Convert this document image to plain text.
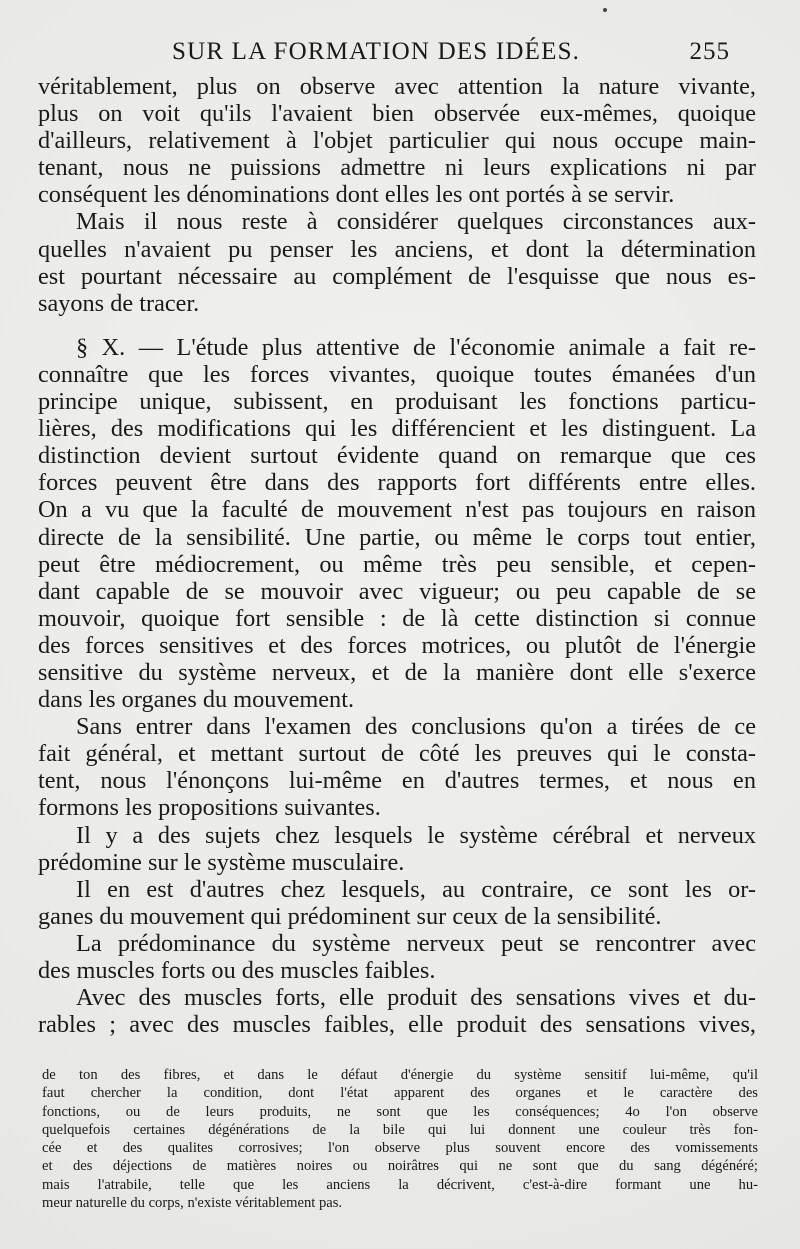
SUR LA FORMATION DES IDÉES.	255
véritablement, plus on observe avec attention la nature vivante,
plus on voit qu'ils l'avaient bien observée eux-mêmes, quoique
d'ailleurs, relativement à l'objet particulier qui nous occupe main-
tenant, nous ne puissions admettre ni leurs explications ni par
conséquent les dénominations dont elles les ont portés à se servir.
Mais il nous reste à considérer quelques circonstances aux-
quelles n'avaient pu penser les anciens, et dont la détermination
est pourtant nécessaire au complément de l'esquisse que nous es-
sayons de tracer.
§ X. — L'étude plus attentive de l'économie animale a fait re-
connaître que les forces vivantes, quoique toutes émanées d'un
principe unique, subissent, en produisant les fonctions particu-
lières, des modifications qui les différencient et les distinguent. La
distinction devient surtout évidente quand on remarque que ces
forces peuvent être dans des rapports fort différents entre elles.
On a vu que la faculté de mouvement n'est pas toujours en raison
directe de la sensibilité. Une partie, ou même le corps tout entier,
peut être médiocrement, ou même très peu sensible, et cepen-
dant capable de se mouvoir avec vigueur; ou peu capable de se
mouvoir, quoique fort sensible : de là cette distinction si connue
des forces sensitives et des forces motrices, ou plutôt de l'énergie
sensitive du système nerveux, et de la manière dont elle s'exerce
dans les organes du mouvement.
Sans entrer dans l'examen des conclusions qu'on a tirées de ce
fait général, et mettant surtout de côté les preuves qui le consta-
tent, nous l'énonçons lui-même en d'autres termes, et nous en
formons les propositions suivantes.
Il y a des sujets chez lesquels le système cérébral et nerveux
prédomine sur le système musculaire.
Il en est d'autres chez lesquels, au contraire, ce sont les or-
ganes du mouvement qui prédominent sur ceux de la sensibilité.
La prédominance du système nerveux peut se rencontrer avec
des muscles forts ou des muscles faibles.
Avec des muscles forts, elle produit des sensations vives et du-
rables ; avec des muscles faibles, elle produit des sensations vives,
de ton des fibres, et dans le défaut d'énergie du système sensitif lui-même, qu'il
faut chercher la condition, dont l'état apparent des organes et le caractère des
fonctions, ou de leurs produits, ne sont que les conséquences; 4o l'on observe
quelquefois certaines dégénérations de la bile qui lui donnent une couleur très fon-
cée et des qualites corrosives; l'on observe plus souvent encore des vomissements
et des déjections de matières noires ou noirâtres qui ne sont que du sang dégénéré;
mais l'atrabile, telle que les anciens la décrivent, c'est-à-dire formant une hu-
meur naturelle du corps, n'existe véritablement pas.
